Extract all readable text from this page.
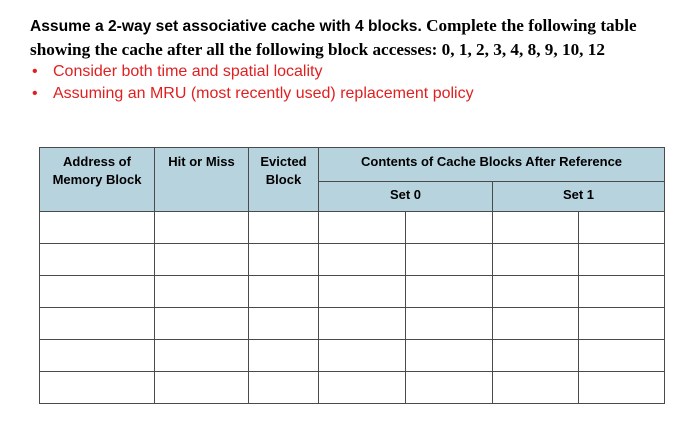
Assume a 2-way set associative cache with 4 blocks. Complete the following table showing the cache after all the following block accesses: 0, 1, 2, 3, 4, 8, 9, 10, 12
• Consider both time and spatial locality
• Assuming an MRU (most recently used) replacement policy
Address of Memory Block	Hit or Miss	Evicted Block	Contents of Cache Blocks After Reference			
			Set 0		Set 1	
